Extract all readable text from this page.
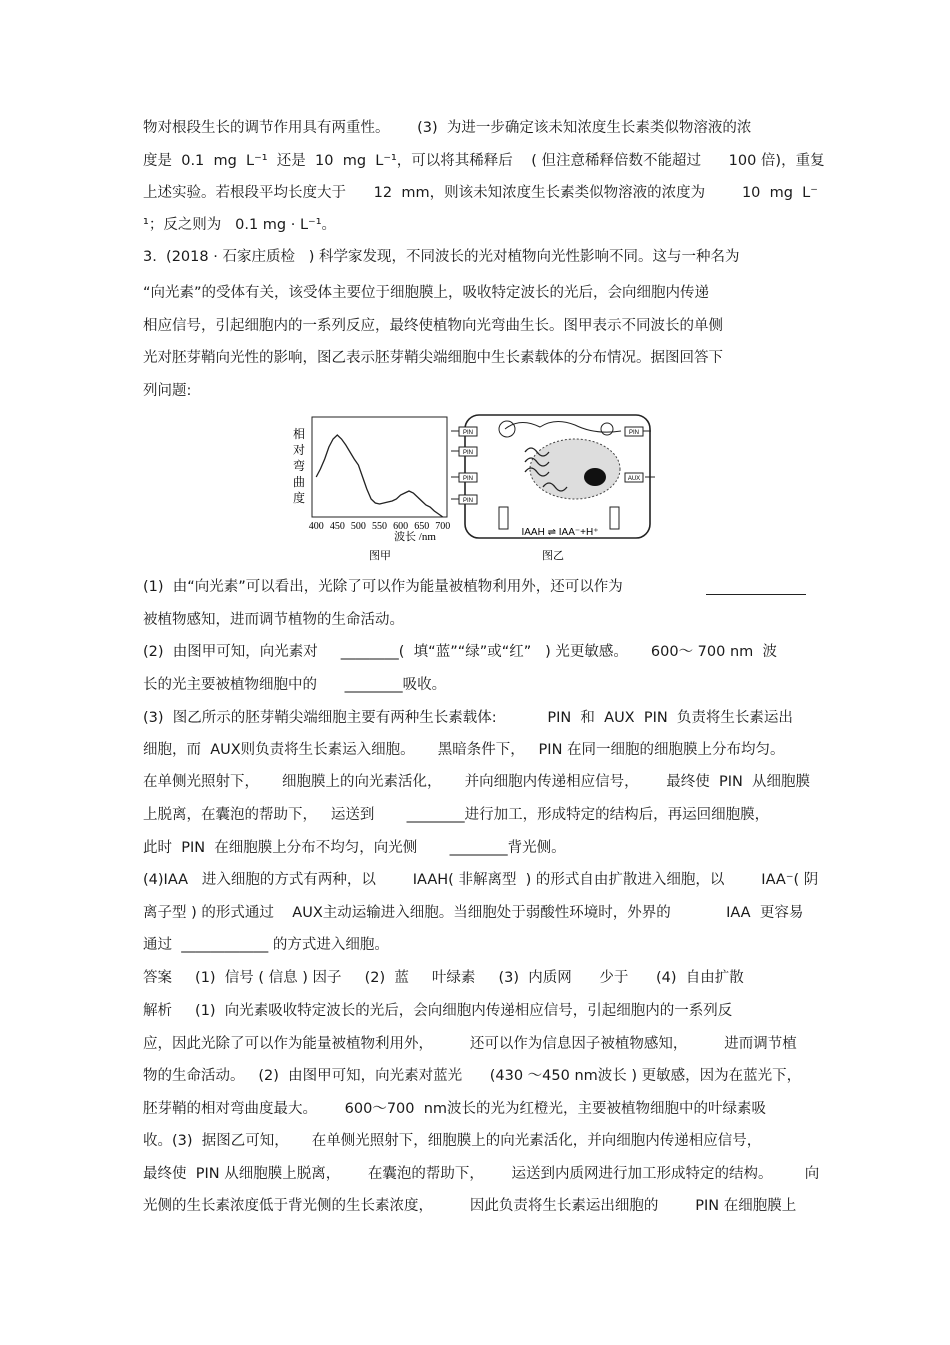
物对根段生长的调节作用具有两重性。      (3)  为进一步确定该未知浓度生长素类似物溶液的浓
度是  0.1  mg  L⁻¹  还是  10  mg  L⁻¹，可以将其稀释后    ( 但注意稀释倍数不能超过      100 倍)，重复
上述实验。若根段平均长度大于      12  mm，则该未知浓度生长素类似物溶液的浓度为        10  mg  L⁻
¹；反之则为   0.1 mg · L⁻¹。
3.  (2018 · 石家庄质检   ) 科学家发现，不同波长的光对植物向光性影响不同。这与一种名为
“向光素”的受体有关，该受体主要位于细胞膜上，吸收特定波长的光后，会向细胞内传递
相应信号，引起细胞内的一系列反应，最终使植物向光弯曲生长。图甲表示不同波长的单侧
光对胚芽鞘向光性的影响，图乙表示胚芽鞘尖端细胞中生长素载体的分布情况。据图回答下
列问题:
相
对
弯
曲
度
400 450 500 550 600 650 700
波长 /nm
图甲
PIN
PIN
PIN
PIN
PIN
AUX
IAAH ⇌ IAA⁻+H⁺
图乙
(1)  由“向光素”可以看出，光除了可以作为能量被植物利用外，还可以作为
被植物感知，进而调节植物的生命活动。
(2)  由图甲可知，向光素对     ________(  填“蓝”“绿”或“红”   ) 光更敏感。     600～ 700 nm  波
长的光主要被植物细胞中的      ________吸收。
(3)  图乙所示的胚芽鞘尖端细胞主要有两种生长素载体:           PIN  和  AUX  PIN  负责将生长素运出
细胞，而  AUX则负责将生长素运入细胞。     黑暗条件下，   PIN 在同一细胞的细胞膜上分布均匀。
在单侧光照射下，     细胞膜上的向光素活化，     并向细胞内传递相应信号，      最终使  PIN  从细胞膜
上脱离，在囊泡的帮助下，   运送到       ________进行加工，形成特定的结构后，再运回细胞膜，
此时  PIN  在细胞膜上分布不均匀，向光侧       ________背光侧。
(4)IAA   进入细胞的方式有两种，以        IAAH( 非解离型  ) 的形式自由扩散进入细胞，以        IAA⁻( 阴
离子型 ) 的形式通过    AUX主动运输进入细胞。当细胞处于弱酸性环境时，外界的            IAA  更容易
通过  ____________ 的方式进入细胞。
答案     (1)  信号 ( 信息 ) 因子     (2)  蓝     叶绿素     (3)  内质网      少于      (4)  自由扩散
解析     (1)  向光素吸收特定波长的光后，会向细胞内传递相应信号，引起细胞内的一系列反
应，因此光除了可以作为能量被植物利用外，        还可以作为信息因子被植物感知，        进而调节植
物的生命活动。   (2)  由图甲可知，向光素对蓝光      (430 ～450 nm波长 ) 更敏感，因为在蓝光下，
胚芽鞘的相对弯曲度最大。      600～700  nm波长的光为红橙光，主要被植物细胞中的叶绿素吸
收。(3)  据图乙可知，     在单侧光照射下，细胞膜上的向光素活化，并向细胞内传递相应信号，
最终使  PIN 从细胞膜上脱离，      在囊泡的帮助下，      运送到内质网进行加工形成特定的结构。       向
光侧的生长素浓度低于背光侧的生长素浓度，        因此负责将生长素运出细胞的        PIN 在细胞膜上
